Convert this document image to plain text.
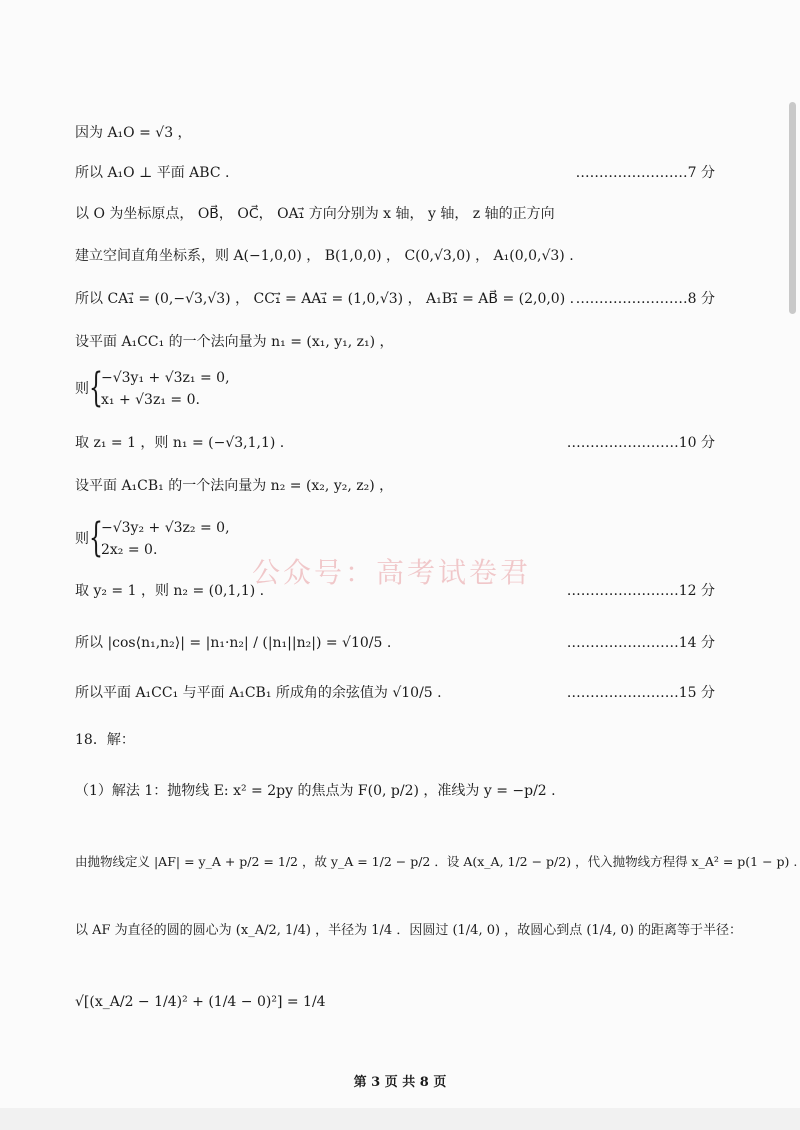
因为 A₁O = √3 ，
所以 A₁O ⊥ 平面 ABC .	……………………7 分
以 O 为坐标原点， OB⃗， OC⃗， OA₁⃗ 方向分别为 x 轴， y 轴， z 轴的正方向
建立空间直角坐标系，则 A(−1,0,0) ， B(1,0,0) ， C(0,√3,0) ， A₁(0,0,√3) .
所以 CA₁⃗ = (0,−√3,√3) ， CC₁⃗ = AA₁⃗ = (1,0,√3) ， A₁B₁⃗ = AB⃗ = (2,0,0) . ……………………8 分
设平面 A₁CC₁ 的一个法向量为 n₁ = (x₁, y₁, z₁) ，
则 {
−√3y₁ + √3z₁ = 0,
x₁ + √3z₁ = 0.
取 z₁ = 1 ，则 n₁ = (−√3,1,1) .	……………………10 分
设平面 A₁CB₁ 的一个法向量为 n₂ = (x₂, y₂, z₂) ，
则 {
−√3y₂ + √3z₂ = 0,
2x₂ = 0.
公众号：高考试卷君
取 y₂ = 1 ，则 n₂ = (0,1,1) .	……………………12 分
所以 |cos⟨n₁,n₂⟩| = |n₁·n₂| / (|n₁||n₂|) = √10/5 .	……………………14 分
所以平面 A₁CC₁ 与平面 A₁CB₁ 所成角的余弦值为 √10/5 .	……………………15 分
18．解：
（1）解法 1：抛物线 E: x² = 2py 的焦点为 F(0, p/2) ，准线为 y = −p/2 .
由抛物线定义 |AF| = y_A + p/2 = 1/2 ，故 y_A = 1/2 − p/2 ．设 A(x_A, 1/2 − p/2) ，代入抛物线方程得 x_A² = p(1 − p) .
以 AF 为直径的圆的圆心为 (x_A/2, 1/4) ，半径为 1/4 ．因圆过 (1/4, 0) ，故圆心到点 (1/4, 0) 的距离等于半径：
√[(x_A/2 − 1/4)² + (1/4 − 0)²] = 1/4
第 3 页 共 8 页
